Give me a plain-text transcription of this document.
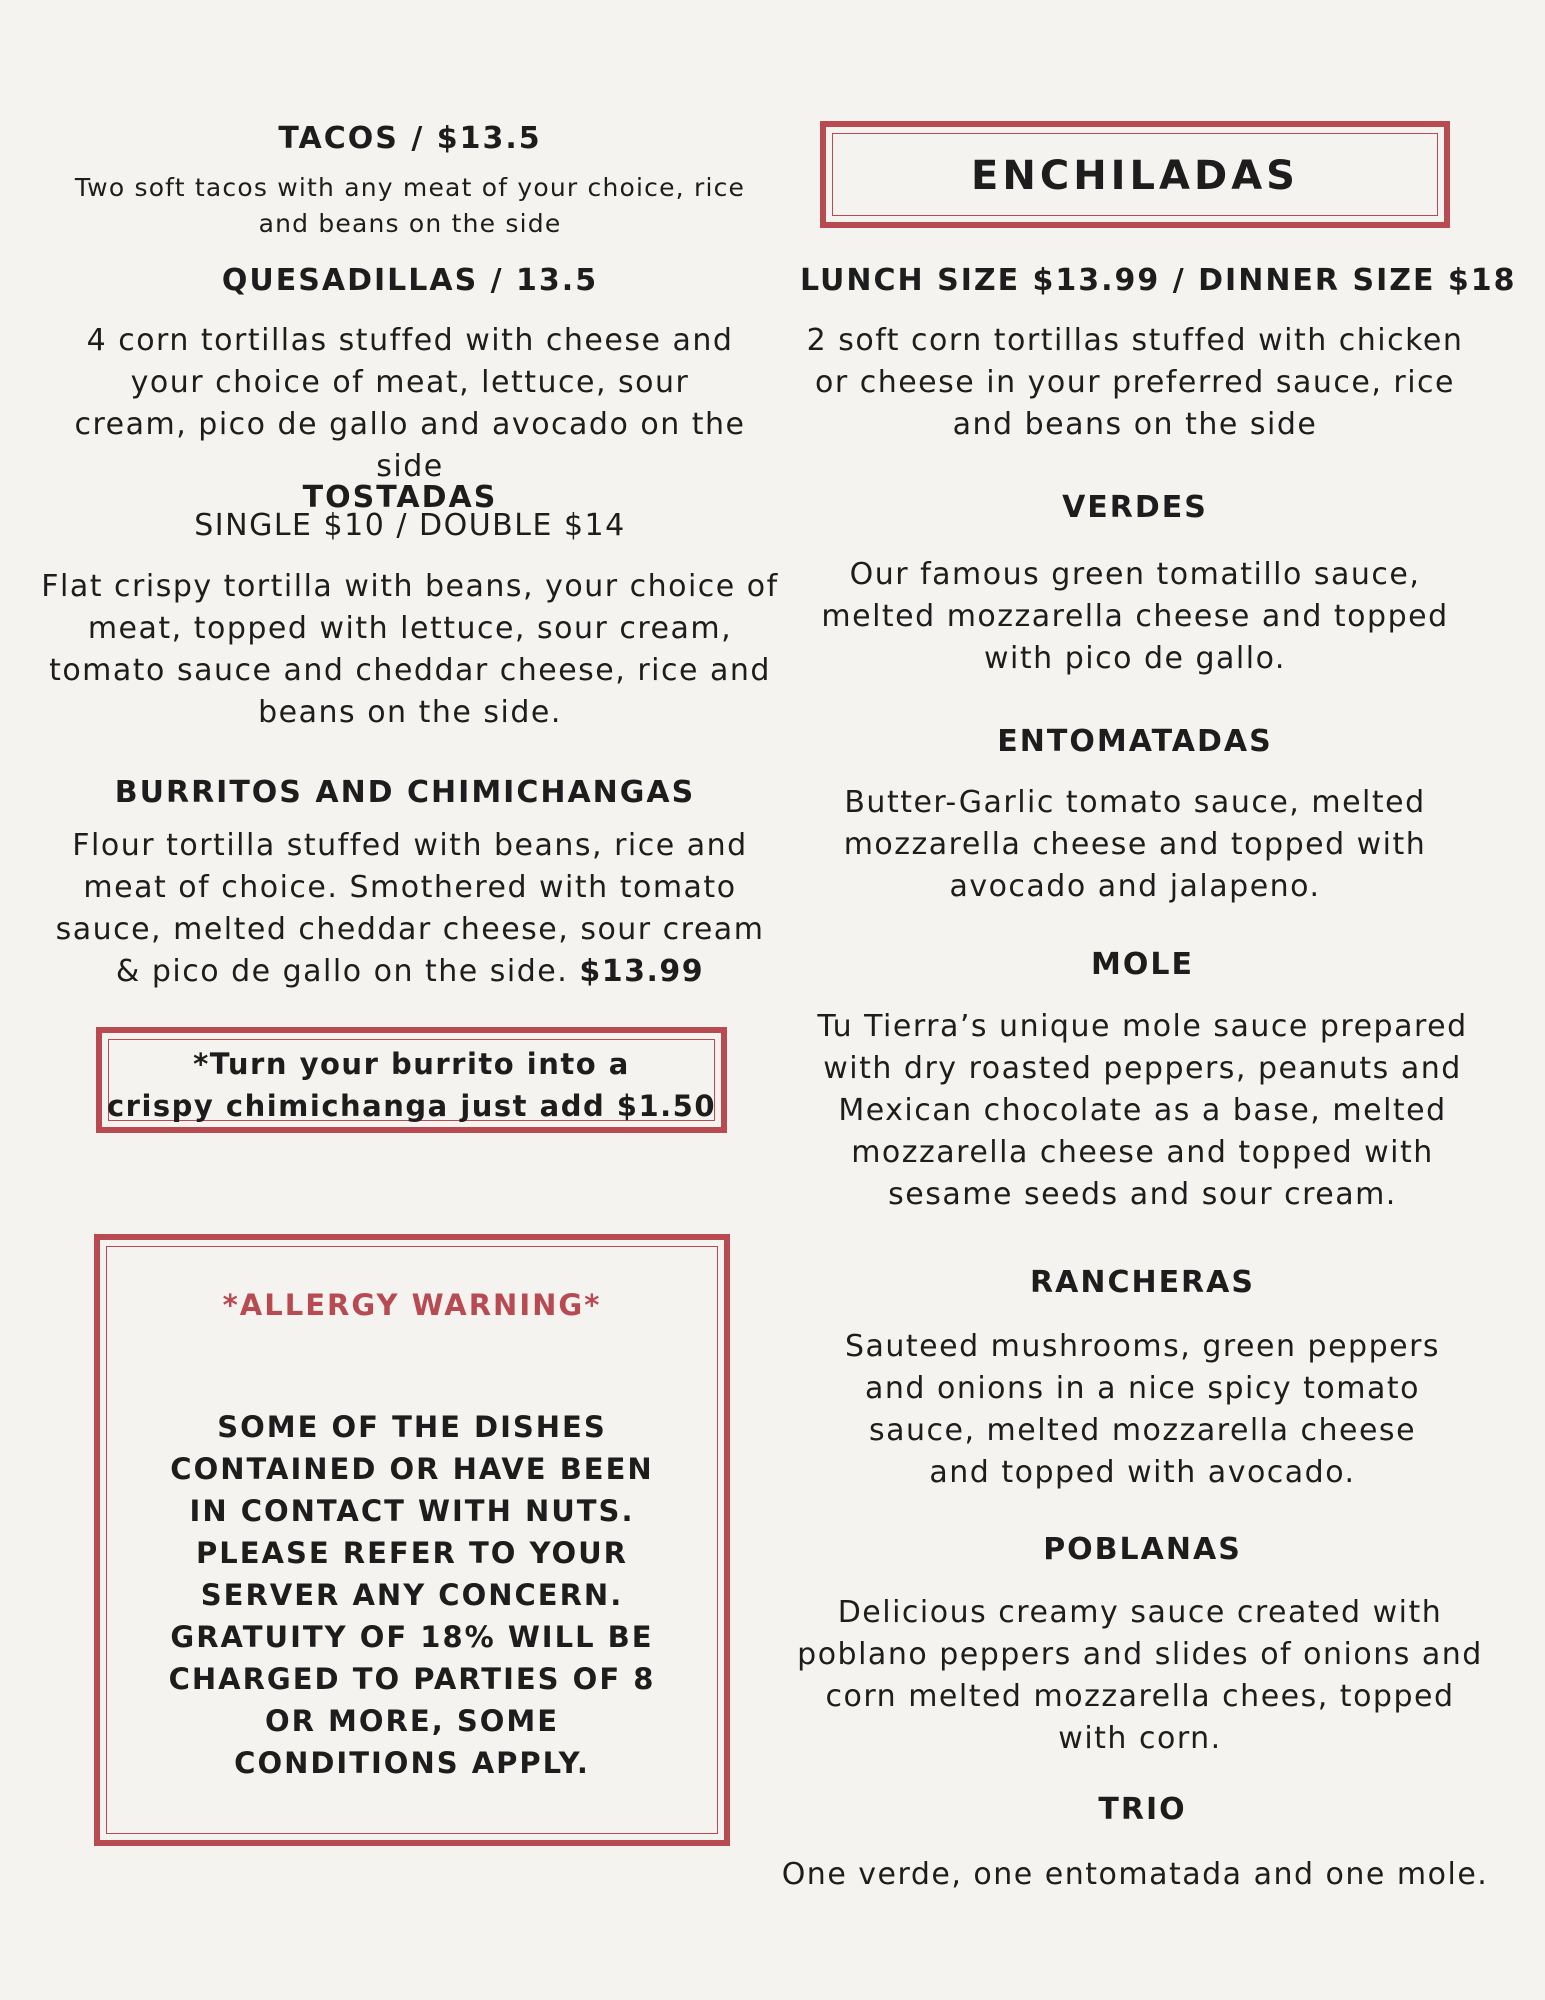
TACOS / $13.5
Two soft tacos with any meat of your choice, rice and beans on the side
QUESADILLAS / 13.5
4 corn tortillas stuffed with cheese and your choice of meat, lettuce, sour cream, pico de gallo and avocado on the side
TOSTADAS
SINGLE $10 / DOUBLE $14
Flat crispy tortilla with beans, your choice of meat, topped with lettuce, sour cream, tomato sauce and cheddar cheese, rice and beans on the side.
BURRITOS AND CHIMICHANGAS
Flour tortilla stuffed with beans, rice and meat of choice. Smothered with tomato sauce, melted cheddar cheese, sour cream & pico de gallo on the side. $13.99
*Turn your burrito into a
crispy chimichanga just add $1.50
*ALLERGY WARNING*
SOME OF THE DISHES CONTAINED OR HAVE BEEN IN CONTACT WITH NUTS. PLEASE REFER TO YOUR SERVER ANY CONCERN.
GRATUITY OF 18% WILL BE CHARGED TO PARTIES OF 8 OR MORE, SOME CONDITIONS APPLY.
ENCHILADAS
LUNCH SIZE $13.99 / DINNER SIZE $18
2 soft corn tortillas stuffed with chicken or cheese in your preferred sauce, rice and beans on the side
VERDES
Our famous green tomatillo sauce, melted mozzarella cheese and topped with pico de gallo.
ENTOMATADAS
Butter-Garlic tomato sauce, melted mozzarella cheese and topped with avocado and jalapeno.
MOLE
Tu Tierra’s unique mole sauce prepared with dry roasted peppers, peanuts and Mexican chocolate as a base, melted mozzarella cheese and topped with sesame seeds and sour cream.
RANCHERAS
Sauteed mushrooms, green peppers and onions in a nice spicy tomato sauce, melted mozzarella cheese and topped with avocado.
POBLANAS
Delicious creamy sauce created with poblano peppers and slides of onions and corn melted mozzarella chees, topped with corn.
TRIO
One verde, one entomatada and one mole.
